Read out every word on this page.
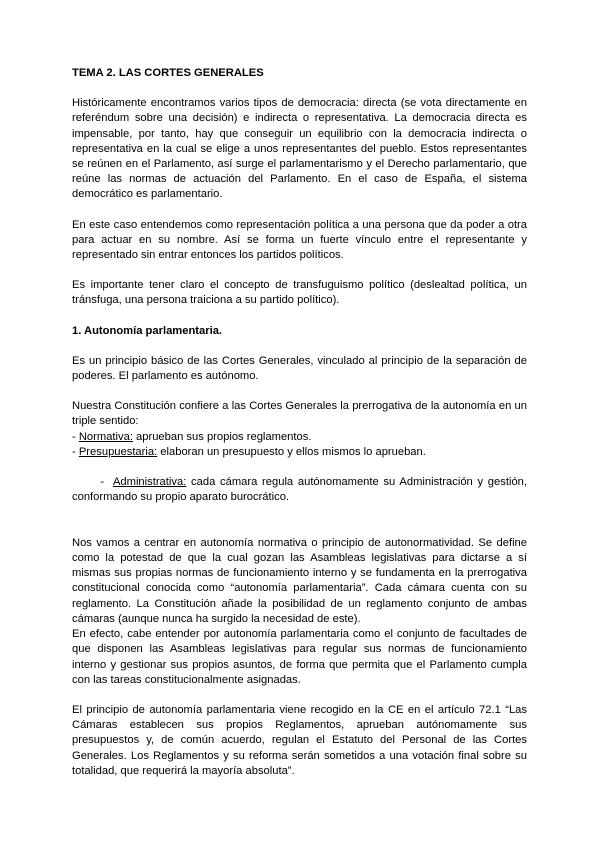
TEMA 2. LAS CORTES GENERALES

Históricamente encontramos varios tipos de democracia: directa (se vota directamente en referéndum sobre una decisión) e indirecta o representativa. La democracia directa es impensable, por tanto, hay que conseguir un equilibrio con la democracia indirecta o representativa en la cual se elige a unos representantes del pueblo. Estos representantes se reúnen en el Parlamento, así surge el parlamentarismo y el Derecho parlamentario, que reúne las normas de actuación del Parlamento. En el caso de España, el sistema democrático es parlamentario.

En este caso entendemos como representación política a una persona que da poder a otra para actuar en su nombre. Así se forma un fuerte vínculo entre el representante y representado sin entrar entonces los partidos políticos.

Es importante tener claro el concepto de transfuguismo político (deslealtad política, un tránsfuga, una persona traiciona a su partido político).

1. Autonomía parlamentaria.

Es un principio básico de las Cortes Generales, vinculado al principio de la separación de poderes. El parlamento es autónomo.

Nuestra Constitución confiere a las Cortes Generales la prerrogativa de la autonomía en un triple sentido:

- Normativa: aprueban sus propios reglamentos.
- Presupuestaria: elaboran un presupuesto y ellos mismos lo aprueban.

-  Administrativa: cada cámara regula autónomamente su Administración y gestión, conformando su propio aparato burocrático.

Nos vamos a centrar en autonomía normativa o principio de autonormatividad. Se define como la potestad de que la cual gozan las Asambleas legislativas para dictarse a sí mismas sus propias normas de funcionamiento interno y se fundamenta en la prerrogativa constitucional conocida como “autonomía parlamentaria”. Cada cámara cuenta con su reglamento. La Constitución añade la posibilidad de un reglamento conjunto de ambas cámaras (aunque nunca ha surgido la necesidad de este).

En efecto, cabe entender por autonomía parlamentaria como el conjunto de facultades de que disponen las Asambleas legislativas para regular sus normas de funcionamiento interno y gestionar sus propios asuntos, de forma que permita que el Parlamento cumpla con las tareas constitucionalmente asignadas.

El principio de autonomía parlamentaria viene recogido en la CE en el artículo 72.1 “Las Cámaras establecen sus propios Reglamentos, aprueban autónomamente sus presupuestos y, de común acuerdo, regulan el Estatuto del Personal de las Cortes Generales. Los Reglamentos y su reforma serán sometidos a una votación final sobre su totalidad, que requerirá la mayoría absoluta”.
